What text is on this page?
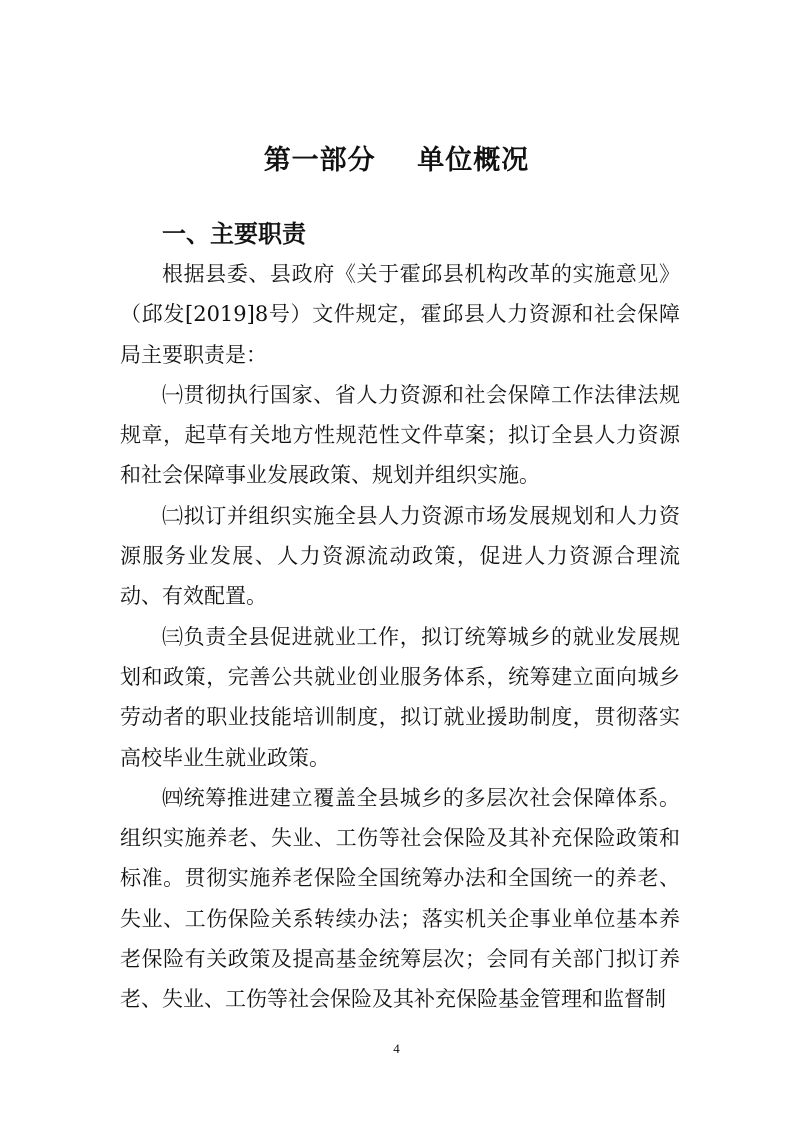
第一部分    单位概况
一、主要职责

根据县委、县政府《关于霍邱县机构改革的实施意见》（邱发[2019]8号）文件规定，霍邱县人力资源和社会保障局主要职责是：

㈠贯彻执行国家、省人力资源和社会保障工作法律法规规章，起草有关地方性规范性文件草案；拟订全县人力资源和社会保障事业发展政策、规划并组织实施。

㈡拟订并组织实施全县人力资源市场发展规划和人力资源服务业发展、人力资源流动政策，促进人力资源合理流动、有效配置。

㈢负责全县促进就业工作，拟订统筹城乡的就业发展规划和政策，完善公共就业创业服务体系，统筹建立面向城乡劳动者的职业技能培训制度，拟订就业援助制度，贯彻落实高校毕业生就业政策。

㈣统筹推进建立覆盖全县城乡的多层次社会保障体系。组织实施养老、失业、工伤等社会保险及其补充保险政策和标准。贯彻实施养老保险全国统筹办法和全国统一的养老、失业、工伤保险关系转续办法；落实机关企事业单位基本养老保险有关政策及提高基金统筹层次；会同有关部门拟订养老、失业、工伤等社会保险及其补充保险基金管理和监督制

4
